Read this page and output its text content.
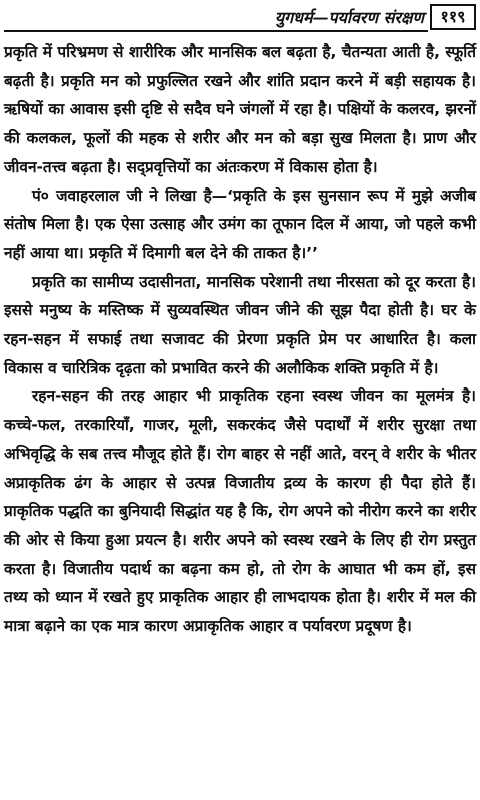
युगधर्म—पर्यावरण संरक्षण	११९

प्रकृति में परिभ्रमण से शारीरिक और मानसिक बल बढ़ता है, चैतन्यता आती है, स्फूर्ति बढ़ती है। प्रकृति मन को प्रफुल्लित रखने और शांति प्रदान करने में बड़ी सहायक है। ऋषियों का आवास इसी दृष्टि से सदैव घने जंगलों में रहा है। पक्षियों के कलरव, झरनों की कलकल, फूलों की महक से शरीर और मन को बड़ा सुख मिलता है। प्राण और जीवन-तत्त्व बढ़ता है। सद्प्रवृत्तियों का अंतःकरण में विकास होता है।

पं० जवाहरलाल जी ने लिखा है—‘प्रकृति के इस सुनसान रूप में मुझे अजीब संतोष मिला है। एक ऐसा उत्साह और उमंग का तूफान दिल में आया, जो पहले कभी नहीं आया था। प्रकृति में दिमागी बल देने की ताकत है।’’

प्रकृति का सामीप्य उदासीनता, मानसिक परेशानी तथा नीरसता को दूर करता है। इससे मनुष्य के मस्तिष्क में सुव्यवस्थित जीवन जीने की सूझ पैदा होती है। घर के रहन-सहन में सफाई तथा सजावट की प्रेरणा प्रकृति प्रेम पर आधारित है। कला विकास व चारित्रिक दृढ़ता को प्रभावित करने की अलौकिक शक्ति प्रकृति में है।

रहन-सहन की तरह आहार भी प्राकृतिक रहना स्वस्थ जीवन का मूलमंत्र है। कच्चे-फल, तरकारियाँ, गाजर, मूली, सकरकंद जैसे पदार्थों में शरीर सुरक्षा तथा अभिवृद्धि के सब तत्त्व मौजूद होते हैं। रोग बाहर से नहीं आते, वरन् वे शरीर के भीतर अप्राकृतिक ढंग के आहार से उत्पन्न विजातीय द्रव्य के कारण ही पैदा होते हैं। प्राकृतिक पद्धति का बुनियादी सिद्धांत यह है कि, रोग अपने को नीरोग करने का शरीर की ओर से किया हुआ प्रयत्न है। शरीर अपने को स्वस्थ रखने के लिए ही रोग प्रस्तुत करता है। विजातीय पदार्थ का बढ़ना कम हो, तो रोग के आघात भी कम हों, इस तथ्य को ध्यान में रखते हुए प्राकृतिक आहार ही लाभदायक होता है। शरीर में मल की मात्रा बढ़ाने का एक मात्र कारण अप्राकृतिक आहार व पर्यावरण प्रदूषण है।
